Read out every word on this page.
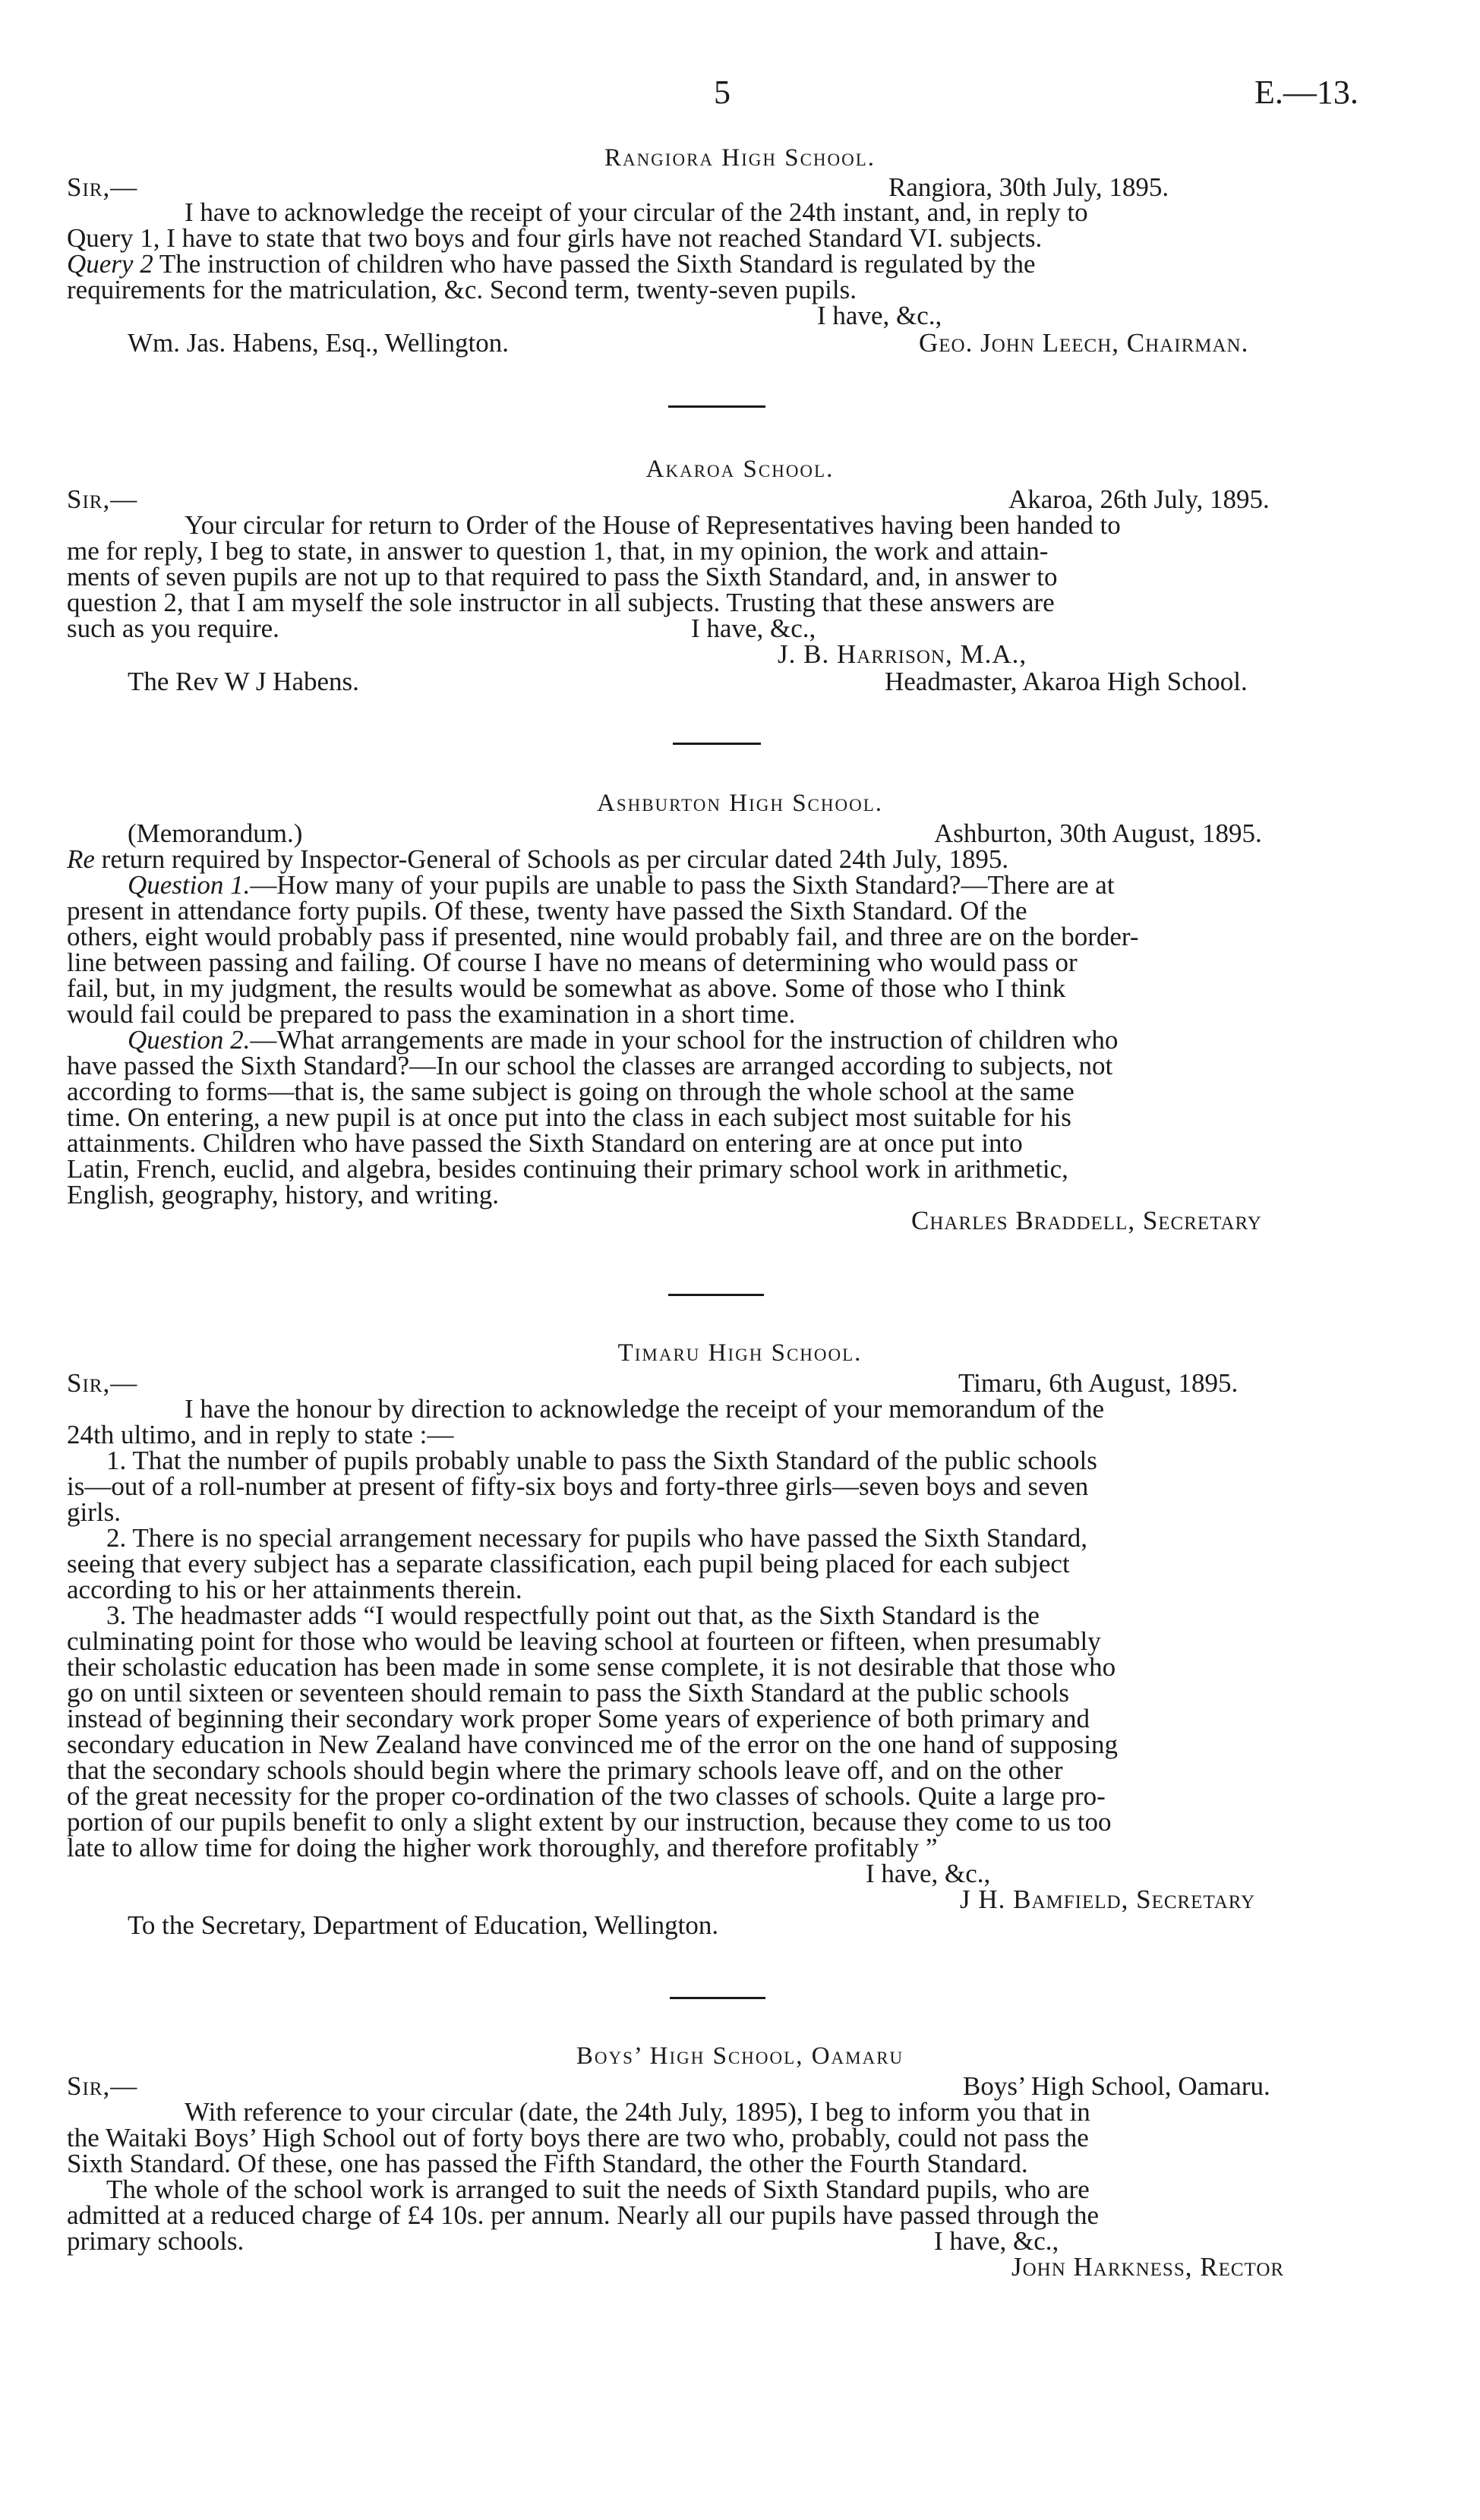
5	E.—13.
Rangiora High School.
Sir,—	Rangiora, 30th July, 1895.
I have to acknowledge the receipt of your circular of the 24th instant, and, in reply to
Query 1, I have to state that two boys and four girls have not reached Standard VI. subjects.
Query 2 The instruction of children who have passed the Sixth Standard is regulated by the
requirements for the matriculation, &c. Second term, twenty-seven pupils.
I have, &c.,
Wm. Jas. Habens, Esq., Wellington.	Geo. John Leech, Chairman.
Akaroa School.
Sir,—	Akaroa, 26th July, 1895.
Your circular for return to Order of the House of Representatives having been handed to
me for reply, I beg to state, in answer to question 1, that, in my opinion, the work and attain-
ments of seven pupils are not up to that required to pass the Sixth Standard, and, in answer to
question 2, that I am myself the sole instructor in all subjects. Trusting that these answers are
such as you require.	I have, &c.,
J. B. Harrison, M.A.,
The Rev W J Habens.	Headmaster, Akaroa High School.
Ashburton High School.
(Memorandum.)	Ashburton, 30th August, 1895.
Re return required by Inspector-General of Schools as per circular dated 24th July, 1895.
Question 1.—How many of your pupils are unable to pass the Sixth Standard?—There are at
present in attendance forty pupils. Of these, twenty have passed the Sixth Standard. Of the
others, eight would probably pass if presented, nine would probably fail, and three are on the border-
line between passing and failing. Of course I have no means of determining who would pass or
fail, but, in my judgment, the results would be somewhat as above. Some of those who I think
would fail could be prepared to pass the examination in a short time.
Question 2.—What arrangements are made in your school for the instruction of children who
have passed the Sixth Standard?—In our school the classes are arranged according to subjects, not
according to forms—that is, the same subject is going on through the whole school at the same
time. On entering, a new pupil is at once put into the class in each subject most suitable for his
attainments. Children who have passed the Sixth Standard on entering are at once put into
Latin, French, euclid, and algebra, besides continuing their primary school work in arithmetic,
English, geography, history, and writing.
Charles Braddell, Secretary
Timaru High School.
Sir,—	Timaru, 6th August, 1895.
I have the honour by direction to acknowledge the receipt of your memorandum of the
24th ultimo, and in reply to state :—
1. That the number of pupils probably unable to pass the Sixth Standard of the public schools
is—out of a roll-number at present of fifty-six boys and forty-three girls—seven boys and seven
girls.
2. There is no special arrangement necessary for pupils who have passed the Sixth Standard,
seeing that every subject has a separate classification, each pupil being placed for each subject
according to his or her attainments therein.
3. The headmaster adds “I would respectfully point out that, as the Sixth Standard is the
culminating point for those who would be leaving school at fourteen or fifteen, when presumably
their scholastic education has been made in some sense complete, it is not desirable that those who
go on until sixteen or seventeen should remain to pass the Sixth Standard at the public schools
instead of beginning their secondary work proper Some years of experience of both primary and
secondary education in New Zealand have convinced me of the error on the one hand of supposing
that the secondary schools should begin where the primary schools leave off, and on the other
of the great necessity for the proper co-ordination of the two classes of schools. Quite a large pro-
portion of our pupils benefit to only a slight extent by our instruction, because they come to us too
late to allow time for doing the higher work thoroughly, and therefore profitably ”
I have, &c.,
J H. Bamfield, Secretary
To the Secretary, Department of Education, Wellington.
Boys’ High School, Oamaru
Sir,—	Boys’ High School, Oamaru.
With reference to your circular (date, the 24th July, 1895), I beg to inform you that in
the Waitaki Boys’ High School out of forty boys there are two who, probably, could not pass the
Sixth Standard. Of these, one has passed the Fifth Standard, the other the Fourth Standard.
The whole of the school work is arranged to suit the needs of Sixth Standard pupils, who are
admitted at a reduced charge of £4 10s. per annum. Nearly all our pupils have passed through the
primary schools.	I have, &c.,
John Harkness, Rector
